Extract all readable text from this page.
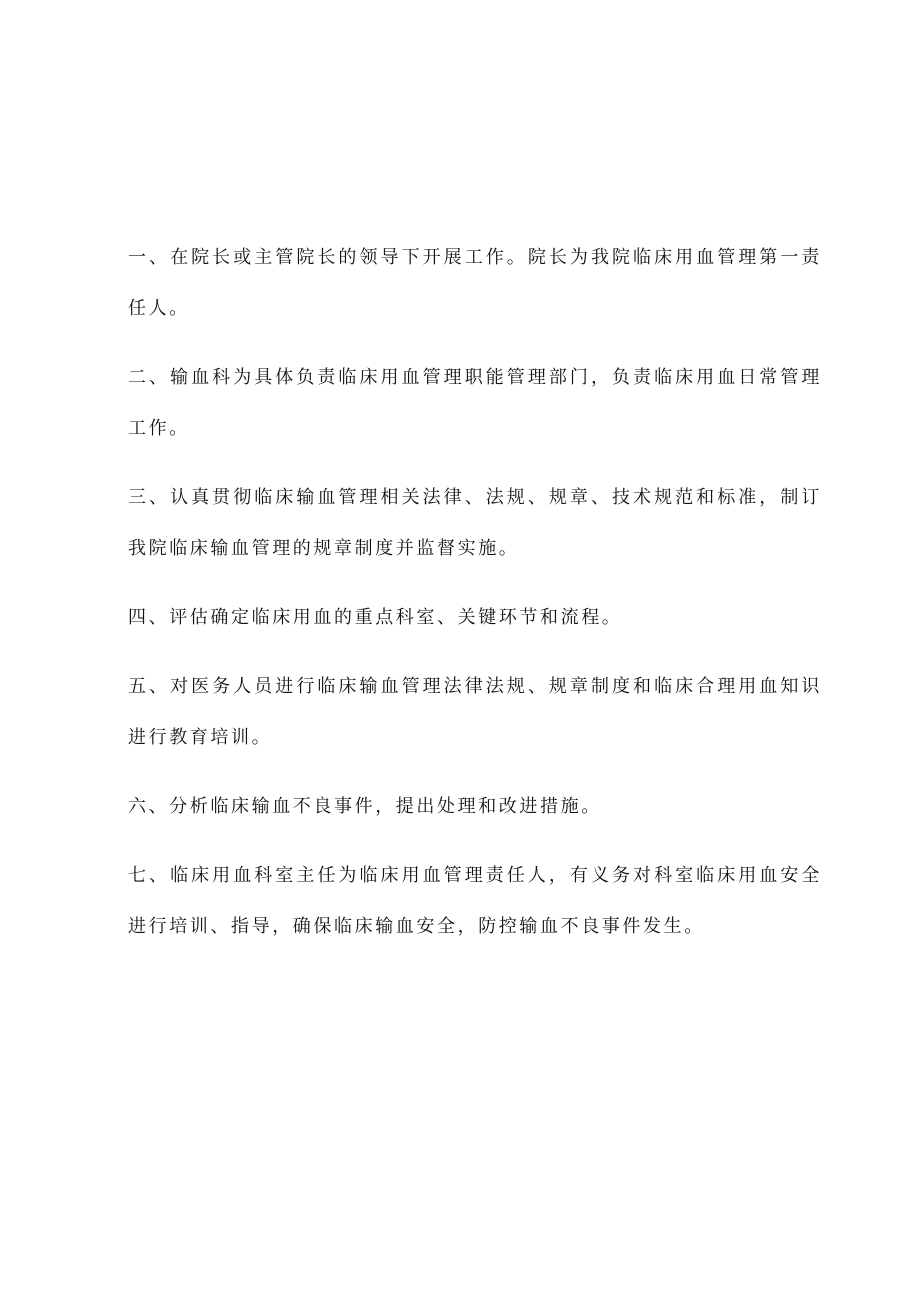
一、在院长或主管院长的领导下开展工作。院长为我院临床用血管理第一责任人。

二、输血科为具体负责临床用血管理职能管理部门，负责临床用血日常管理工作。

三、认真贯彻临床输血管理相关法律、法规、规章、技术规范和标准，制订我院临床输血管理的规章制度并监督实施。

四、评估确定临床用血的重点科室、关键环节和流程。

五、对医务人员进行临床输血管理法律法规、规章制度和临床合理用血知识进行教育培训。

六、分析临床输血不良事件，提出处理和改进措施。

七、临床用血科室主任为临床用血管理责任人，有义务对科室临床用血安全进行培训、指导，确保临床输血安全，防控输血不良事件发生。
